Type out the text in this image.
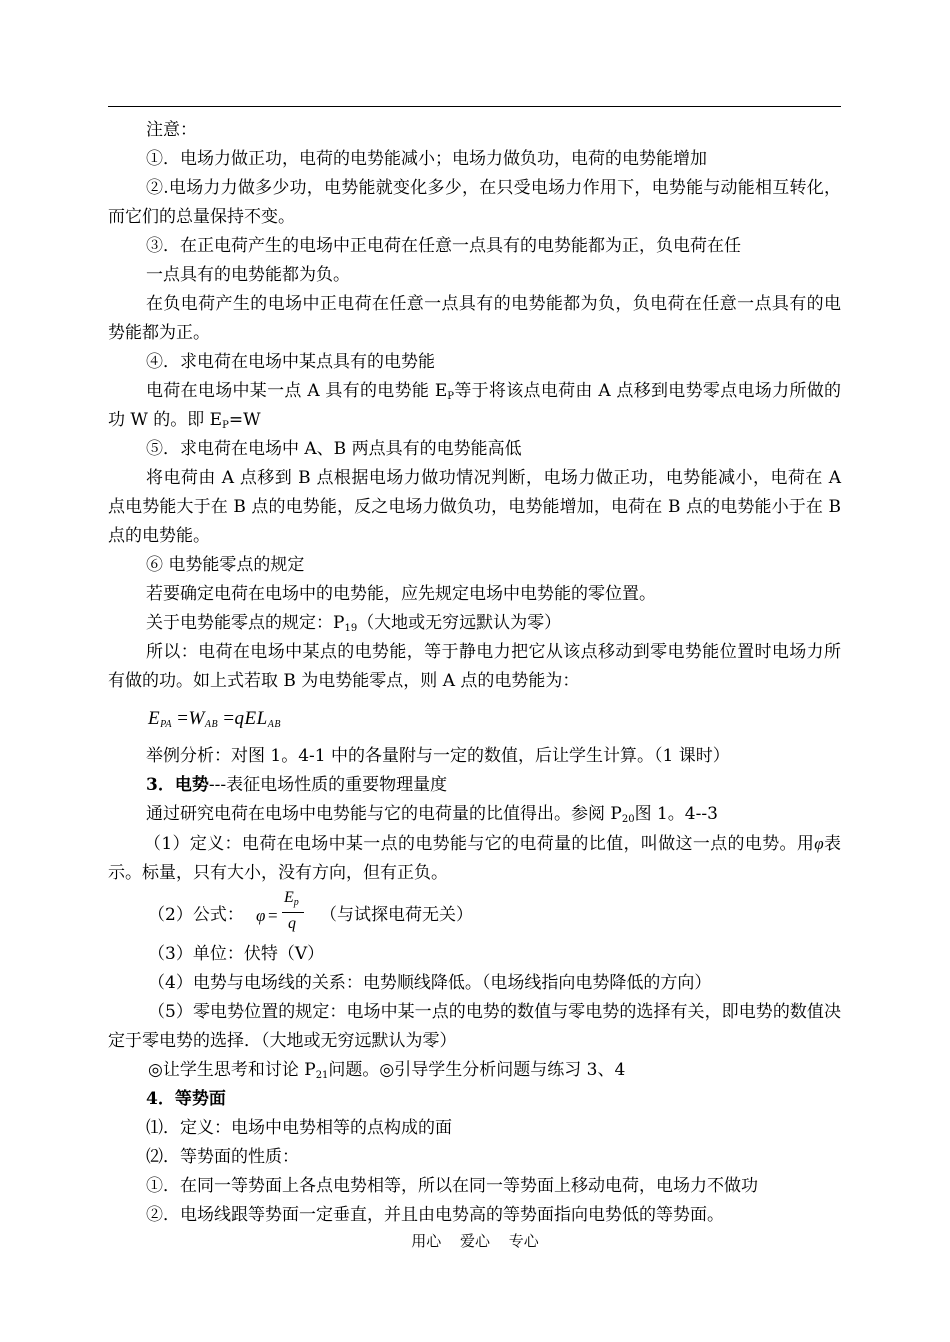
注意：

①．电场力做正功，电荷的电势能减小；电场力做负功，电荷的电势能增加

②.电场力力做多少功，电势能就变化多少，在只受电场力作用下，电势能与动能相互转化，而它们的总量保持不变。

③．在正电荷产生的电场中正电荷在任意一点具有的电势能都为正，负电荷在任

一点具有的电势能都为负。

在负电荷产生的电场中正电荷在任意一点具有的电势能都为负，负电荷在任意一点具有的电势能都为正。

④．求电荷在电场中某点具有的电势能

电荷在电场中某一点 A 具有的电势能 $E_P$等于将该点电荷由 A 点移到电势零点电场力所做的功 W 的。即 $E_P=W$

⑤．求电荷在电场中 A、B 两点具有的电势能高低

将电荷由 A 点移到 B 点根据电场力做功情况判断，电场力做正功，电势能减小，电荷在 A 点电势能大于在 B 点的电势能，反之电场力做负功，电势能增加，电荷在 B 点的电势能小于在 B 点的电势能。

⑥ 电势能零点的规定

若要确定电荷在电场中的电势能，应先规定电场中电势能的零位置。

关于电势能零点的规定：$P_{19}$（大地或无穷远默认为零）

所以：电荷在电场中某点的电势能，等于静电力把它从该点移动到零电势能位置时电场力所有做的功。如上式若取 B 为电势能零点，则 A 点的电势能为：

$E_{PA} =W_{AB} =qEL_{AB}$

举例分析：对图 1。4-1 中的各量附与一定的数值，后让学生计算。（1 课时）

3．电势---表征电场性质的重要物理量度

通过研究电荷在电场中电势能与它的电荷量的比值得出。参阅 $P_{20}$图 1。4--3

（1）定义：电荷在电场中某一点的电势能与它的电荷量的比值，叫做这一点的电势。用φ表示。标量，只有大小，没有方向，但有正负。

（2）公式： φ =
$E_p$
q （与试探电荷无关）

（3）单位：伏特（V）

（4）电势与电场线的关系：电势顺线降低。（电场线指向电势降低的方向）

（5）零电势位置的规定：电场中某一点的电势的数值与零电势的选择有关，即电势的数值决定于零电势的选择．（大地或无穷远默认为零）

◎让学生思考和讨论 $P_{21}$问题。◎引导学生分析问题与练习 3、4

4．等势面

⑴．定义：电场中电势相等的点构成的面

⑵．等势面的性质：

①．在同一等势面上各点电势相等，所以在同一等势面上移动电荷，电场力不做功

②．电场线跟等势面一定垂直，并且由电势高的等势面指向电势低的等势面。

用心 爱心 专心
